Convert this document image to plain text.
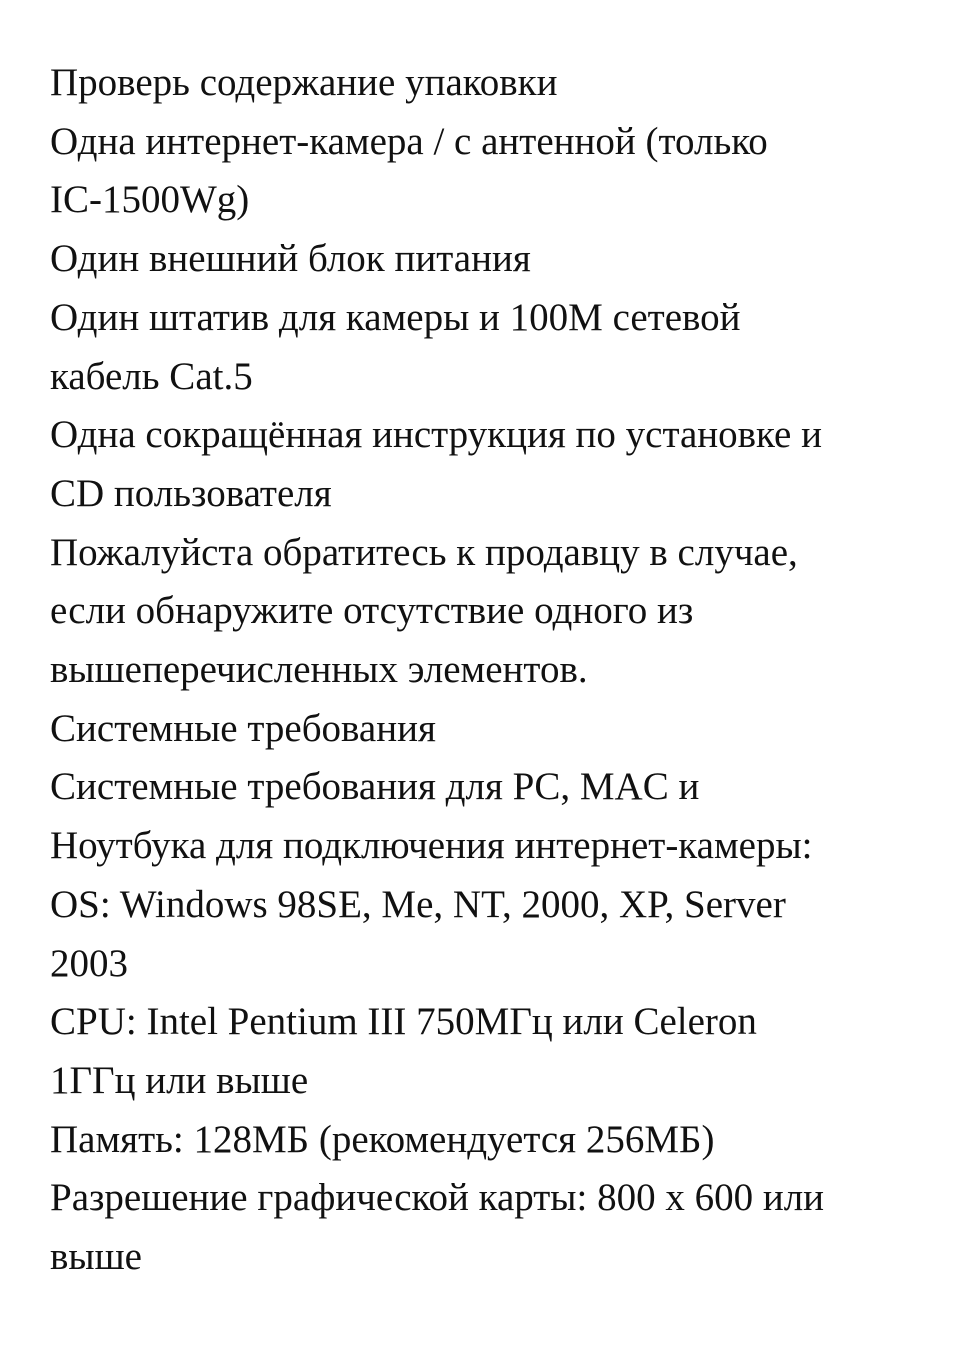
Проверь содержание упаковки
Одна интернет-камера / с антенной (только
IC-1500Wg)
Один внешний блок питания
Один штатив для камеры и 100M сетевой
кабель Cat.5
Одна сокращённая инструкция по установке и
CD пользователя
Пожалуйста обратитесь к продавцу в случае,
если обнаружите отсутствие одного из
вышеперечисленных элементов.
Системные требования
Системные требования для PC, MAC и
Ноутбука для подключения интернет-камеры:
OS: Windows 98SE, Me, NT, 2000, XP, Server
2003
CPU: Intel Pentium III 750МГц или Celeron
1ГГц или выше
Память: 128МБ (рекомендуется 256МБ)
Разрешение графической карты: 800 x 600 или
выше
